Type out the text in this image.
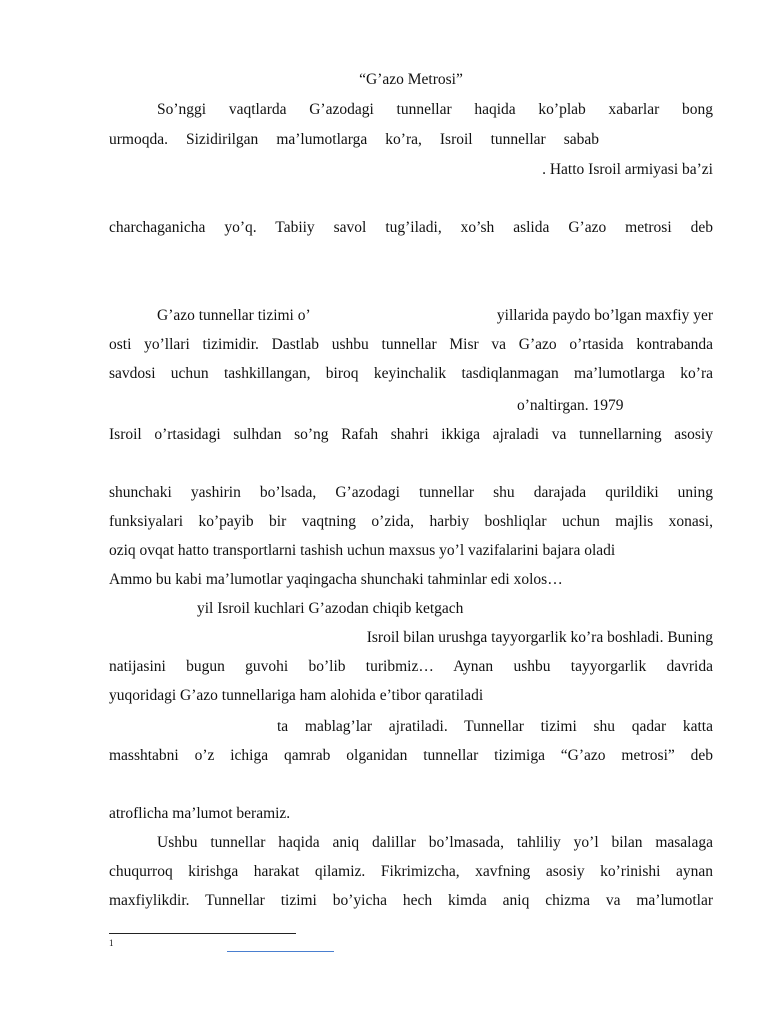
“G’azo Metrosi”
So’nggi vaqtlarda G’azodagi tunnellar haqida ko’plab xabarlar bong
urmoqda. Sizidirilgan ma’lumotlarga ko’ra, Isroil tunnellar sabab
. Hatto Isroil armiyasi ba’zi
charchaganicha yo’q. Tabiiy savol tug’iladi, xo’sh aslida G’azo metrosi deb
G’azo tunnellar tizimi o’	yillarida paydo bo’lgan maxfiy yer
osti yo’llari tizimidir. Dastlab ushbu tunnellar Misr va G’azo o’rtasida kontrabanda
savdosi uchun tashkillangan, biroq keyinchalik tasdiqlanmagan ma’lumotlarga ko’ra
o’naltirgan. 1979
Isroil o’rtasidagi sulhdan so’ng Rafah shahri ikkiga ajraladi va tunnellarning asosiy
shunchaki yashirin bo’lsada, G’azodagi tunnellar shu darajada qurildiki uning
funksiyalari ko’payib bir vaqtning o’zida, harbiy boshliqlar uchun majlis xonasi,
oziq ovqat hatto transportlarni tashish uchun maxsus yo’l vazifalarini bajara oladi
Ammo bu kabi ma’lumotlar yaqingacha shunchaki tahminlar edi xolos…
yil Isroil kuchlari G’azodan chiqib ketgach
Isroil bilan urushga tayyorgarlik ko’ra boshladi. Buning
natijasini bugun guvohi bo’lib turibmiz… Aynan ushbu tayyorgarlik davrida
yuqoridagi G’azo tunnellariga ham alohida e’tibor qaratiladi
ta mablag’lar ajratiladi. Tunnellar tizimi shu qadar katta
masshtabni o’z ichiga qamrab olganidan tunnellar tizimiga “G’azo metrosi” deb
atroflicha ma’lumot beramiz.
Ushbu tunnellar haqida aniq dalillar bo’lmasada, tahliliy yo’l bilan masalaga
chuqurroq kirishga harakat qilamiz. Fikrimizcha, xavfning asosiy ko’rinishi aynan
maxfiylikdir. Tunnellar tizimi bo’yicha hech kimda aniq chizma va ma’lumotlar
1
